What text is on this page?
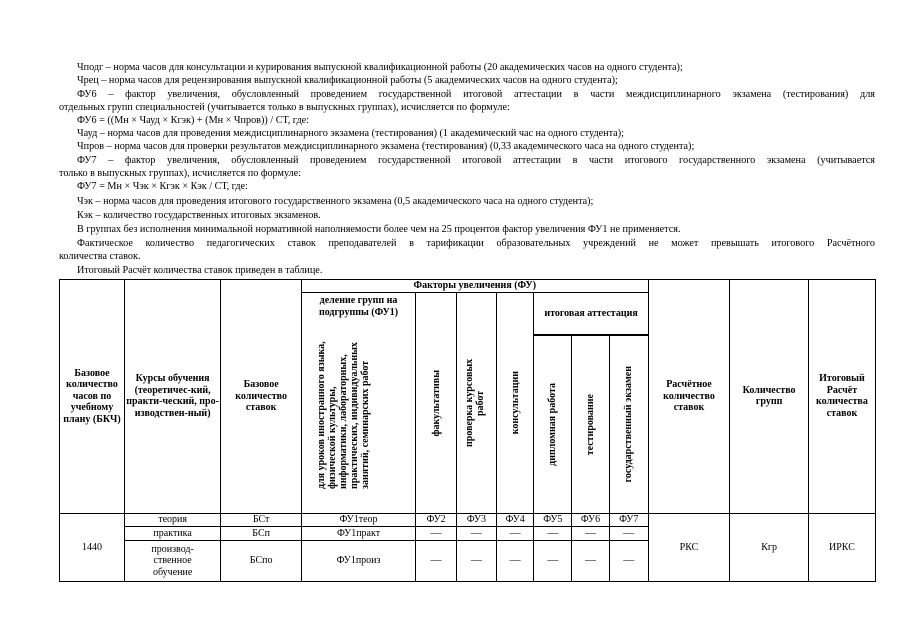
Чподг – норма часов для консультации и курирования выпускной квалификационной работы (20 академических часов на одного студента);
Чрец – норма часов для рецензирования выпускной квалификационной работы (5 академических часов на одного студента);
ФУ6 – фактор увеличения, обусловленный проведением государственной итоговой аттестации в части междисциплинарного экзамена (тестирования) для
отдельных групп специальностей (учитывается только в выпускных группах), исчисляется по формуле:
ФУ6 = ((Мн × Чауд × Кгэк) + (Мн × Чпров)) / СТ, где:
Чауд – норма часов для проведения междисциплинарного экзамена (тестирования) (1 академический час на одного студента);
Чпров – норма часов для проверки результатов междисциплинарного экзамена (тестирования) (0,33 академического часа на одного студента);
ФУ7 – фактор увеличения, обусловленный проведением государственной итоговой аттестации в части итогового государственного экзамена (учитывается
только в выпускных группах), исчисляется по формуле:
ФУ7 = Мн × Чэк × Кгэк × Кэк / СТ, где:
Чэк – норма часов для проведения итогового государственного экзамена (0,5 академического часа на одного студента);
Кэк – количество государственных итоговых экзаменов.
В группах без исполнения минимальной нормативной наполняемости более чем на 25 процентов фактор увеличения ФУ1 не применяется.
Фактическое количество педагогических ставок преподавателей в тарификации образовательных учреждений не может превышать итогового Расчётного
количества ставок.
Итоговый Расчёт количества ставок приведен в таблице.
Базовое количество часов по учебному плану (БКЧ)	Курсы обучения (теоретичес-кий, практи-ческий, про-изводствен-ный)	Базовое количество ставок	Факторы увеличения (ФУ)							Расчётное количество ставок	Количество групп	Итоговый Расчёт количества ставок

			деление групп на подгруппы (ФУ1)
для уроков иностранного языка, физической культуры, информатики, лабораторных, практических, индивидуальных занятий, семинарских работ	факультативы	проверка курсовых работ	консультации	итоговая аттестация					

							дипломная работа	тестирование	государственный экзамен			

1440	теория	БСт	ФУ1теор	ФУ2	ФУ3	ФУ4	ФУ5	ФУ6	ФУ7	РКС	Кгр	ИРКС
	практика	БСп	ФУ1практ	—	—	—	—	—	—			
	производ-ственное обучение	БСпо	ФУ1произ	—	—	—	—	—	—			
